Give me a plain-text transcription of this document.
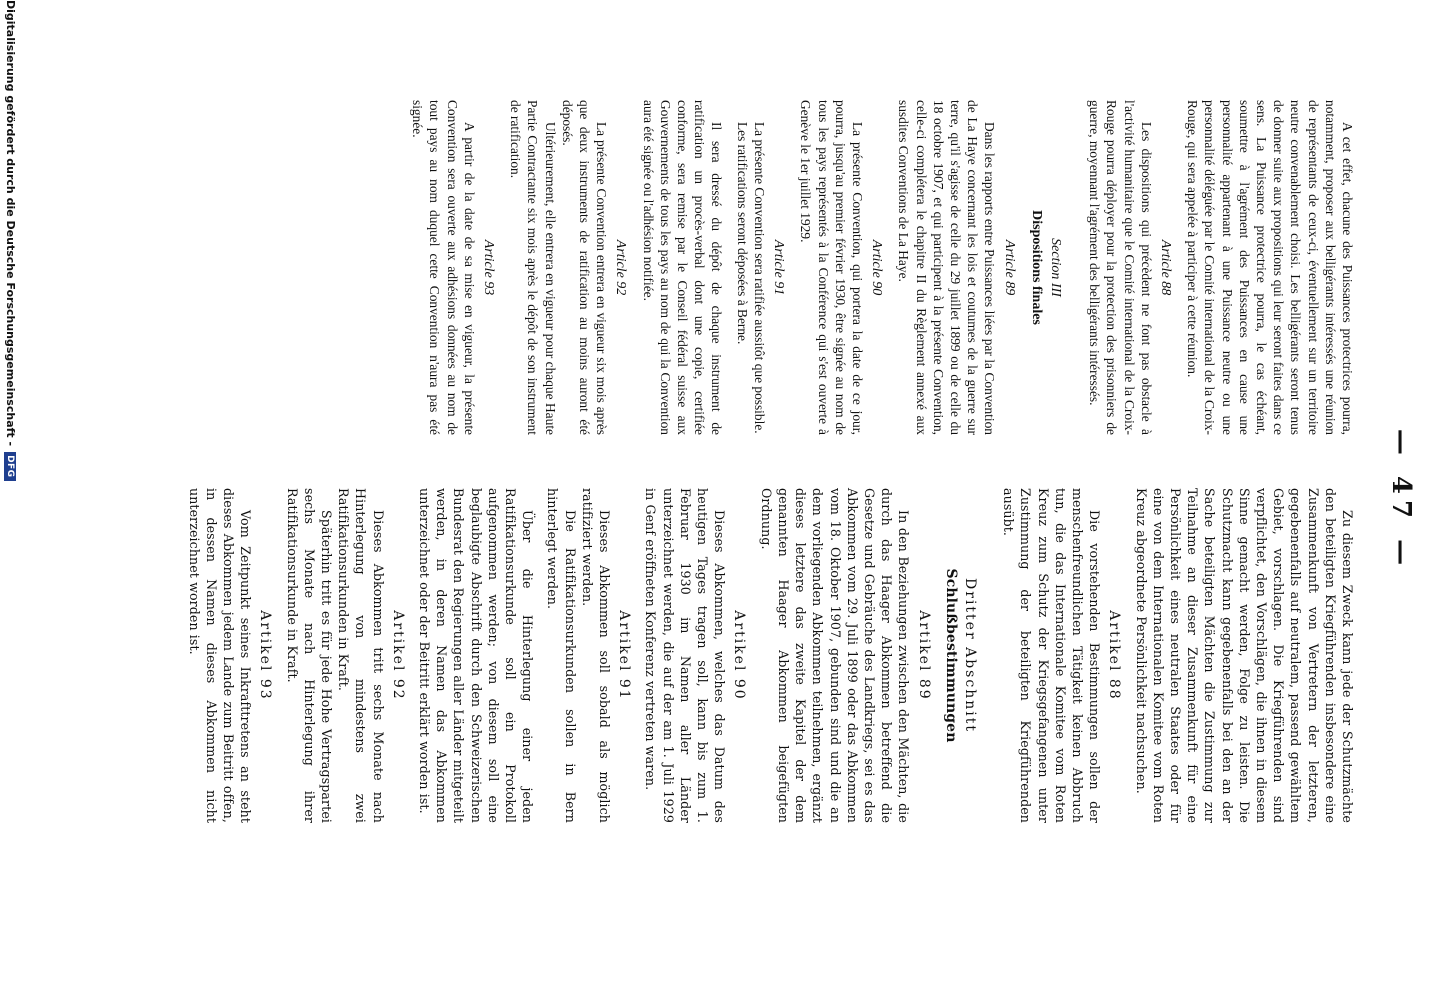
— 47 —

A cet effet, chacune des Puissances protectrices pourra, notamment, proposer aux belligérants intéressés une réunion de représentants de ceux-ci, éventuellement sur un territoire neutre convenablement choisi. Les belligérants seront tenus de donner suite aux propositions qui leur seront faites dans ce sens. La Puissance protectrice pourra, le cas échéant, soumettre à l'agrément des Puissances en cause une personnalité appartenant à une Puissance neutre ou une personnalité déléguée par le Comité international de la Croix-Rouge, qui sera appelée à participer à cette réunion.

Article 88

Les dispositions qui précèdent ne font pas obstacle à l'activité humanitaire que le Comité international de la Croix-Rouge pourra déployer pour la protection des prisonniers de guerre, moyennant l'agrément des belligérants intéressés.

Section III
Dispositions finales
Article 89

Dans les rapports entre Puissances liées par la Convention de La Haye concernant les lois et coutumes de la guerre sur terre, qu'il s'agisse de celle du 29 juillet 1899 ou de celle du 18 octobre 1907, et qui participent à la présente Convention, celle-ci complétera le chapitre II du Règlement annexé aux susdites Conventions de La Haye.

Article 90

La présente Convention, qui portera la date de ce jour, pourra, jusqu'au premier février 1930, être signée au nom de tous les pays représentés à la Conférence qui s'est ouverte à Genève le 1er juillet 1929.

Article 91

La présente Convention sera ratifiée aussitôt que possible.

Les ratifications seront déposées à Berne.

Il sera dressé du dépôt de chaque instrument de ratification un procès-verbal dont une copie, certifiée conforme, sera remise par le Conseil fédéral suisse aux Gouvernements de tous les pays au nom de qui la Convention aura été signée ou l'adhésion notifiée.

Article 92

La présente Convention entrera en vigueur six mois après que deux instruments de ratification au moins auront été déposés.

Ultérieurement, elle entrera en vigueur pour chaque Haute Partie Contractante six mois après le dépôt de son instrument de ratification.

Article 93

A partir de la date de sa mise en vigueur, la présente Convention sera ouverte aux adhésions données au nom de tout pays au nom duquel cette Convention n'aura pas été signée.

Zu diesem Zweck kann jede der Schutzmächte den beteiligten Kriegführenden insbesondere eine Zusammenkunft von Vertretern der letzteren, gegebenenfalls auf neutralem, passend gewähltem Gebiet, vorschlagen. Die Kriegführenden sind verpflichtet, den Vorschlägen, die ihnen in diesem Sinne gemacht werden, Folge zu leisten. Die Schutzmacht kann gegebenenfalls bei den an der Sache beteiligten Mächten die Zustimmung zur Teilnahme an dieser Zusammenkunft für eine Persönlichkeit eines neutralen Staates oder für eine von dem Internationalen Komitee vom Roten Kreuz abgeordnete Persönlichkeit nachsuchen.

Artikel 88

Die vorstehenden Bestimmungen sollen der menschenfreundlichen Tätigkeit keinen Abbruch tun, die das Internationale Komitee vom Roten Kreuz zum Schutz der Kriegsgefangenen unter Zustimmung der beteiligten Kriegführenden ausübt.

Dritter Abschnitt
Schlußbestimmungen
Artikel 89

In den Beziehungen zwischen den Mächten, die durch das Haager Abkommen betreffend die Gesetze und Gebräuche des Landkriegs, sei es das Abkommen vom 29. Juli 1899 oder das Abkommen vom 18. Oktober 1907, gebunden sind und die an dem vorliegenden Abkommen teilnehmen, ergänzt dieses letztere das zweite Kapitel der dem genannten Haager Abkommen beigefügten Ordnung.

Artikel 90

Dieses Abkommen, welches das Datum des heutigen Tages tragen soll, kann bis zum 1. Februar 1930 im Namen aller Länder unterzeichnet werden, die auf der am 1. Juli 1929 in Genf eröffneten Konferenz vertreten waren.

Artikel 91

Dieses Abkommen soll sobald als möglich ratifiziert werden.

Die Ratifikationsurkunden sollen in Bern hinterlegt werden.

Über die Hinterlegung einer jeden Ratifikationsurkunde soll ein Protokoll aufgenommen werden; von diesem soll eine beglaubigte Abschrift durch den Schweizerischen Bundesrat den Regierungen aller Länder mitgeteilt werden, in deren Namen das Abkommen unterzeichnet oder der Beitritt erklärt worden ist.

Artikel 92

Dieses Abkommen tritt sechs Monate nach Hinterlegung von mindestens zwei Ratifikationsurkunden in Kraft.

Späterhin tritt es für jede Hohe Vertragspartei sechs Monate nach Hinterlegung ihrer Ratifikationsurkunde in Kraft.

Artikel 93

Vom Zeitpunkt seines Inkrafttretens an steht dieses Abkommen jedem Lande zum Beitritt offen, in dessen Namen dieses Abkommen nicht unterzeichnet worden ist.

Digitalisierung gefördert durch die Deutsche Forschungsgemeinschaft -
DFG
